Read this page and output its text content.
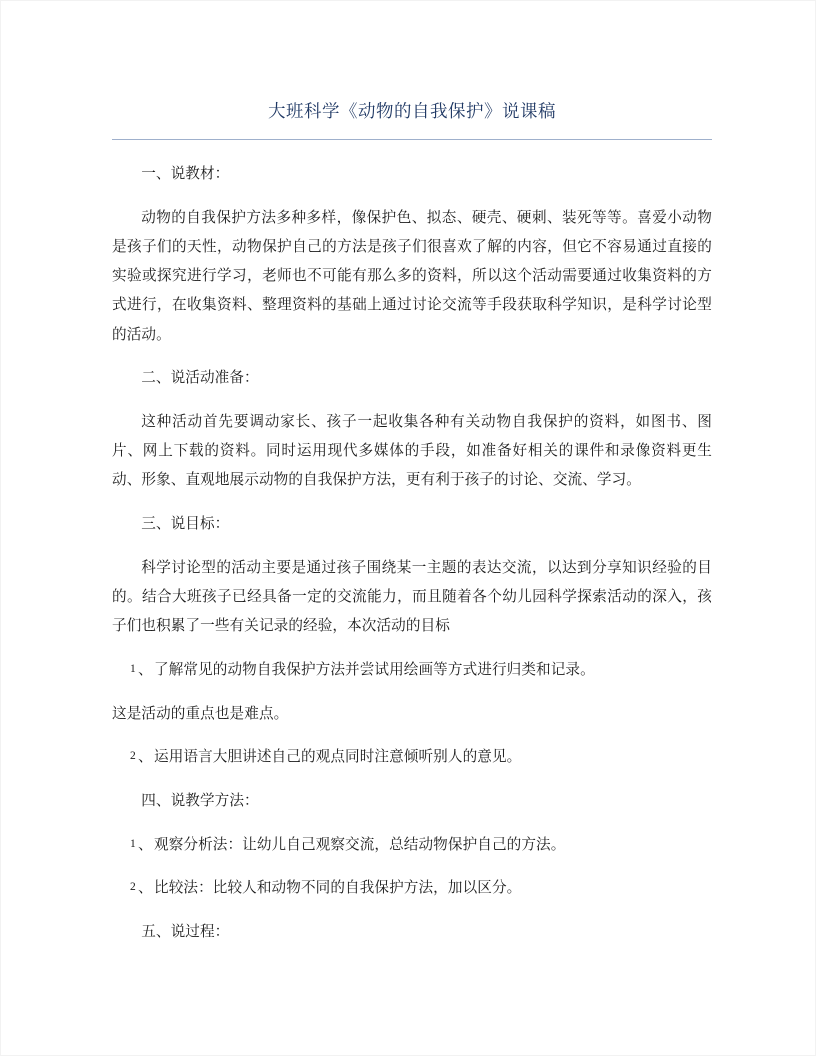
大班科学《动物的自我保护》说课稿

一、说教材：

动物的自我保护方法多种多样，像保护色、拟态、硬壳、硬刺、装死等等。喜爱小动物是孩子们的天性，动物保护自己的方法是孩子们很喜欢了解的内容，但它不容易通过直接的实验或探究进行学习，老师也不可能有那么多的资料，所以这个活动需要通过收集资料的方式进行，在收集资料、整理资料的基础上通过讨论交流等手段获取科学知识，是科学讨论型的活动。

二、说活动准备：

这种活动首先要调动家长、孩子一起收集各种有关动物自我保护的资料，如图书、图片、网上下载的资料。同时运用现代多媒体的手段，如准备好相关的课件和录像资料更生动、形象、直观地展示动物的自我保护方法，更有利于孩子的讨论、交流、学习。

三、说目标：

科学讨论型的活动主要是通过孩子围绕某一主题的表达交流，以达到分享知识经验的目的。结合大班孩子已经具备一定的交流能力，而且随着各个幼儿园科学探索活动的深入，孩子们也积累了一些有关记录的经验，本次活动的目标

1 、 了解常见的动物自我保护方法并尝试用绘画等方式进行归类和记录。

这是活动的重点也是难点。

2 、 运用语言大胆讲述自己的观点同时注意倾听别人的意见。

四、说教学方法：

1 、 观察分析法：让幼儿自己观察交流，总结动物保护自己的方法。

2 、 比较法：比较人和动物不同的自我保护方法，加以区分。

五、说过程：
